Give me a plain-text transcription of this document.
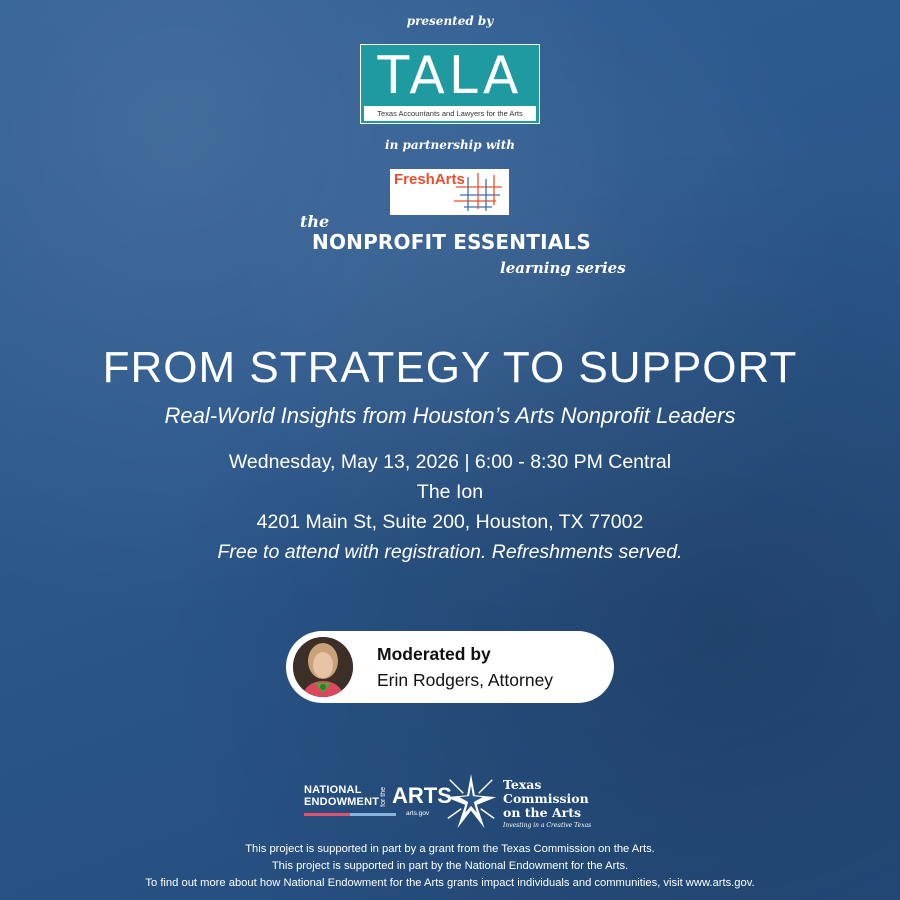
presented by
TALA
Texas Accountants and Lawyers for the Arts
in partnership with
FreshArts
the
NONPROFIT ESSENTIALS
learning series
FROM STRATEGY TO SUPPORT
Real-World Insights from Houston’s Arts Nonprofit Leaders
Wednesday, May 13, 2026 | 6:00 - 8:30 PM Central
The Ion
4201 Main St, Suite 200, Houston, TX 77002
Free to attend with registration. Refreshments served.
Moderated by
Erin Rodgers, Attorney
NATIONAL
ENDOWMENT for the ARTS
arts.gov
Texas
Commission
on the Arts
Investing in a Creative Texas
This project is supported in part by a grant from the Texas Commission on the Arts.
This project is supported in part by the National Endowment for the Arts.
To find out more about how National Endowment for the Arts grants impact individuals and communities, visit www.arts.gov.
